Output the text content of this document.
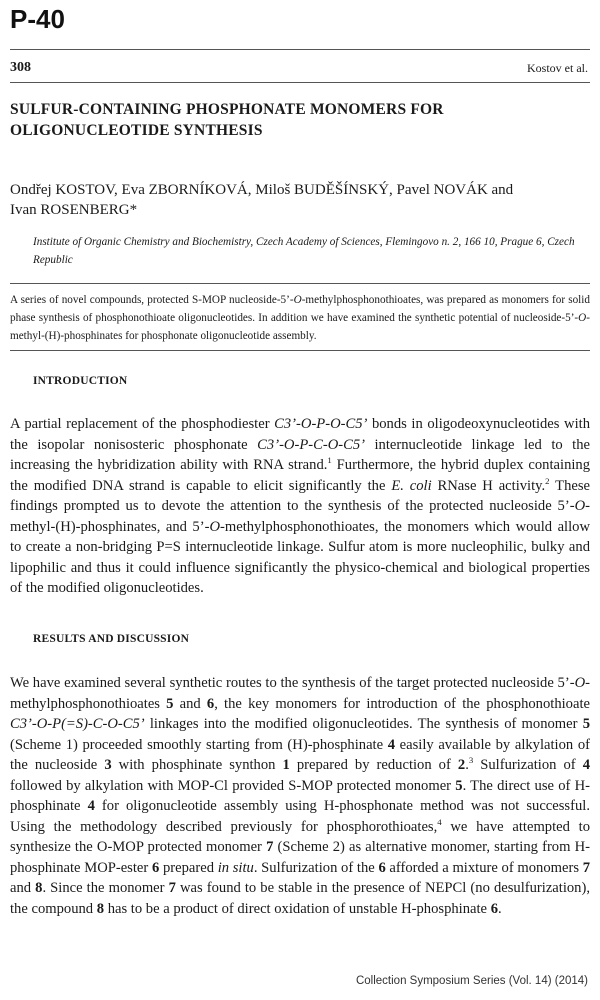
P-40
308	Kostov et al.
SULFUR-CONTAINING PHOSPHONATE MONOMERS FOR
OLIGONUCLEOTIDE SYNTHESIS
Ondřej KOSTOV, Eva ZBORNÍKOVÁ, Miloš BUDĚŠÍNSKÝ, Pavel NOVÁK and
Ivan ROSENBERG*
Institute of Organic Chemistry and Biochemistry, Czech Academy of Sciences, Flemingovo n. 2, 166 10, Prague 6, Czech Republic
A series of novel compounds, protected S-MOP nucleoside-5’-O-methylphosphonothioates, was prepared as monomers for solid phase synthesis of phosphonothioate oligonucleotides. In addition we have examined the synthetic potential of nucleoside-5’-O-methyl-(H)-phosphinates for phosphonate oligonucleotide assembly.
INTRODUCTION
A partial replacement of the phosphodiester C3’-O-P-O-C5’ bonds in oligodeoxynucleotides with the isopolar nonisosteric phosphonate C3’-O-P-C-O-C5’ internucleotide linkage led to the increasing the hybridization ability with RNA strand.$^1$ Furthermore, the hybrid duplex containing the modified DNA strand is capable to elicit significantly the E. coli RNase H activity.$^2$ These findings prompted us to devote the attention to the synthesis of the protected nucleoside 5’-O-methyl-(H)-phosphinates, and 5’-O-methylphosphonothioates, the monomers which would allow to create a non-bridging P=S internucleotide linkage. Sulfur atom is more nucleophilic, bulky and lipophilic and thus it could influence significantly the physico-chemical and biological properties of the modified oligonucleotides.
RESULTS AND DISCUSSION
We have examined several synthetic routes to the synthesis of the target protected nucleoside 5’-O-methylphosphonothioates 5 and 6, the key monomers for introduction of the phosphonothioate C3’-O-P(=S)-C-O-C5’ linkages into the modified oligonucleotides. The synthesis of monomer 5 (Scheme 1) proceeded smoothly starting from (H)-phosphinate 4 easily available by alkylation of the nucleoside 3 with phosphinate synthon 1 prepared by reduction of 2.$^3$ Sulfurization of 4 followed by alkylation with MOP-Cl provided S-MOP protected monomer 5. The direct use of H-phosphinate 4 for oligonucleotide assembly using H-phosphonate method was not successful. Using the methodology described previously for phosphorothioates,$^4$ we have attempted to synthesize the O-MOP protected monomer 7 (Scheme 2) as alternative monomer, starting from H-phosphinate MOP-ester 6 prepared in situ. Sulfurization of the 6 afforded a mixture of monomers 7 and 8. Since the monomer 7 was found to be stable in the presence of NEPCl (no desulfurization), the compound 8 has to be a product of direct oxidation of unstable H-phosphinate 6.
Collection Symposium Series (Vol. 14) (2014)
